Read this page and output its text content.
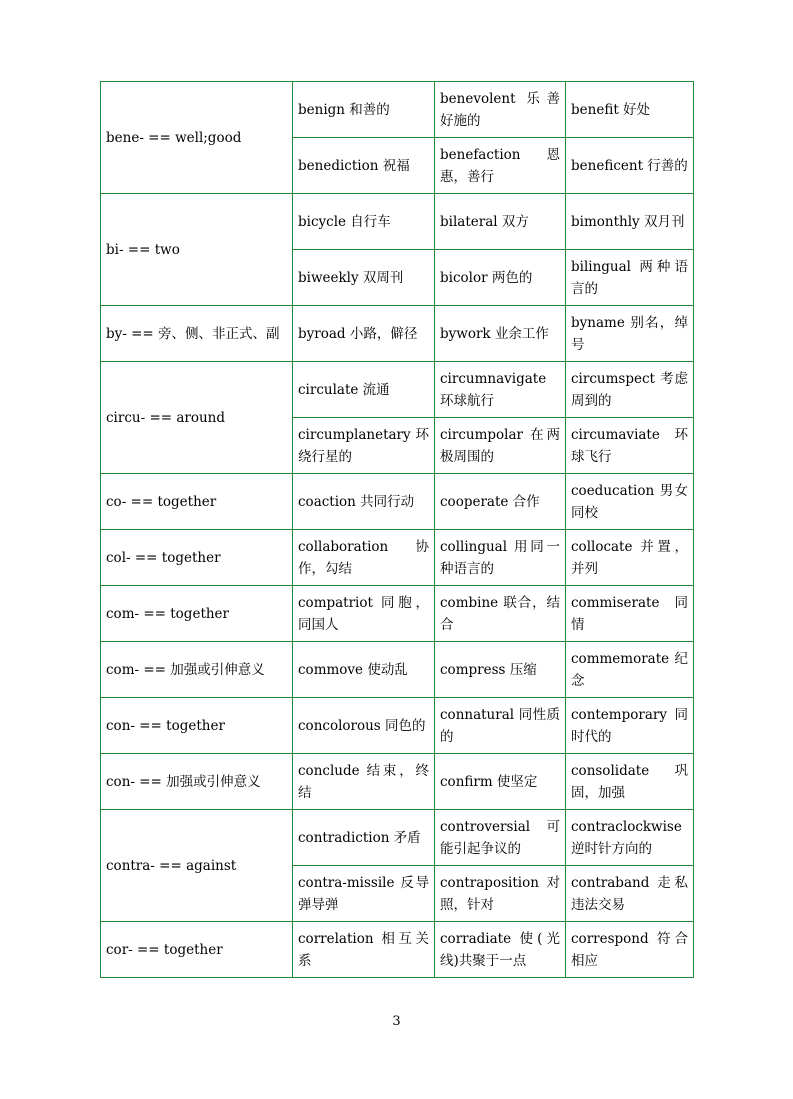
bene- == well;good	benign 和善的	benevolent 乐善好施的	benefit 好处
	benediction 祝福	benefaction 恩惠，善行	beneficent 行善的
bi- == two	bicycle 自行车	bilateral 双方	bimonthly 双月刊
	biweekly 双周刊	bicolor 两色的	bilingual 两种语言的
by- == 旁、侧、非正式、副	byroad 小路，僻径	bywork 业余工作	byname 别名，绰号
circu- == around	circulate 流通	circumnavigate 环球航行	circumspect 考虑周到的
	circumplanetary 环绕行星的	circumpolar 在两极周围的	circumaviate 环球飞行
co- == together	coaction 共同行动	cooperate 合作	coeducation 男女同校
col- == together	collaboration 协作，勾结	collingual 用同一种语言的	collocate 并置，并列
com- == together	compatriot 同胞，同国人	combine 联合，结合	commiserate 同情
com- == 加强或引伸意义	commove 使动乱	compress 压缩	commemorate 纪念
con- == together	concolorous 同色的	connatural 同性质的	contemporary 同时代的
con- == 加强或引伸意义	conclude 结束，终结	confirm 使坚定	consolidate 巩固，加强
contra- == against	contradiction 矛盾	controversial 可能引起争议的	contraclockwise 逆时针方向的
	contra-missile 反导弹导弹	contraposition 对照，针对	contraband 走私违法交易
cor- == together	correlation 相互关系	corradiate 使(光线)共聚于一点	correspond 符合相应
3
